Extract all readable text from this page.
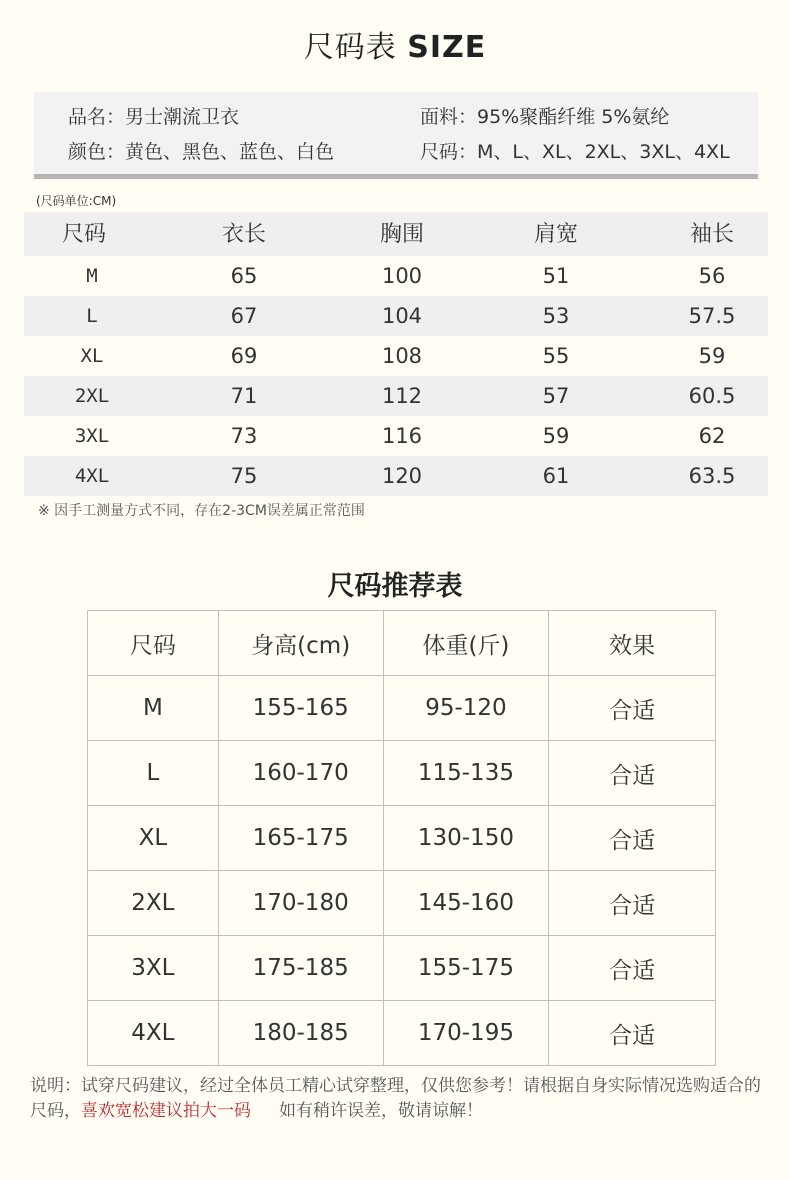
尺码表 SIZE
品名：男士潮流卫衣	面料：95%聚酯纤维 5%氨纶
颜色：黄色、黑色、蓝色、白色	尺码：M、L、XL、2XL、3XL、4XL
(尺码单位:CM)
尺码	衣长	胸围	肩宽	袖长
M	65	100	51	56
L	67	104	53	57.5
XL	69	108	55	59
2XL	71	112	57	60.5
3XL	73	116	59	62
4XL	75	120	61	63.5
※ 因手工测量方式不同，存在2-3CM误差属正常范围
尺码推荐表
尺码	身高(cm)	体重(斤)	效果
M	155-165	95-120	合适
L	160-170	115-135	合适
XL	165-175	130-150	合适
2XL	170-180	145-160	合适
3XL	175-185	155-175	合适
4XL	180-185	170-195	合适
说明：试穿尺码建议，经过全体员工精心试穿整理，仅供您参考！请根据自身实际情况选购适合的尺码，喜欢宽松建议拍大一码 如有稍许误差，敬请谅解！
